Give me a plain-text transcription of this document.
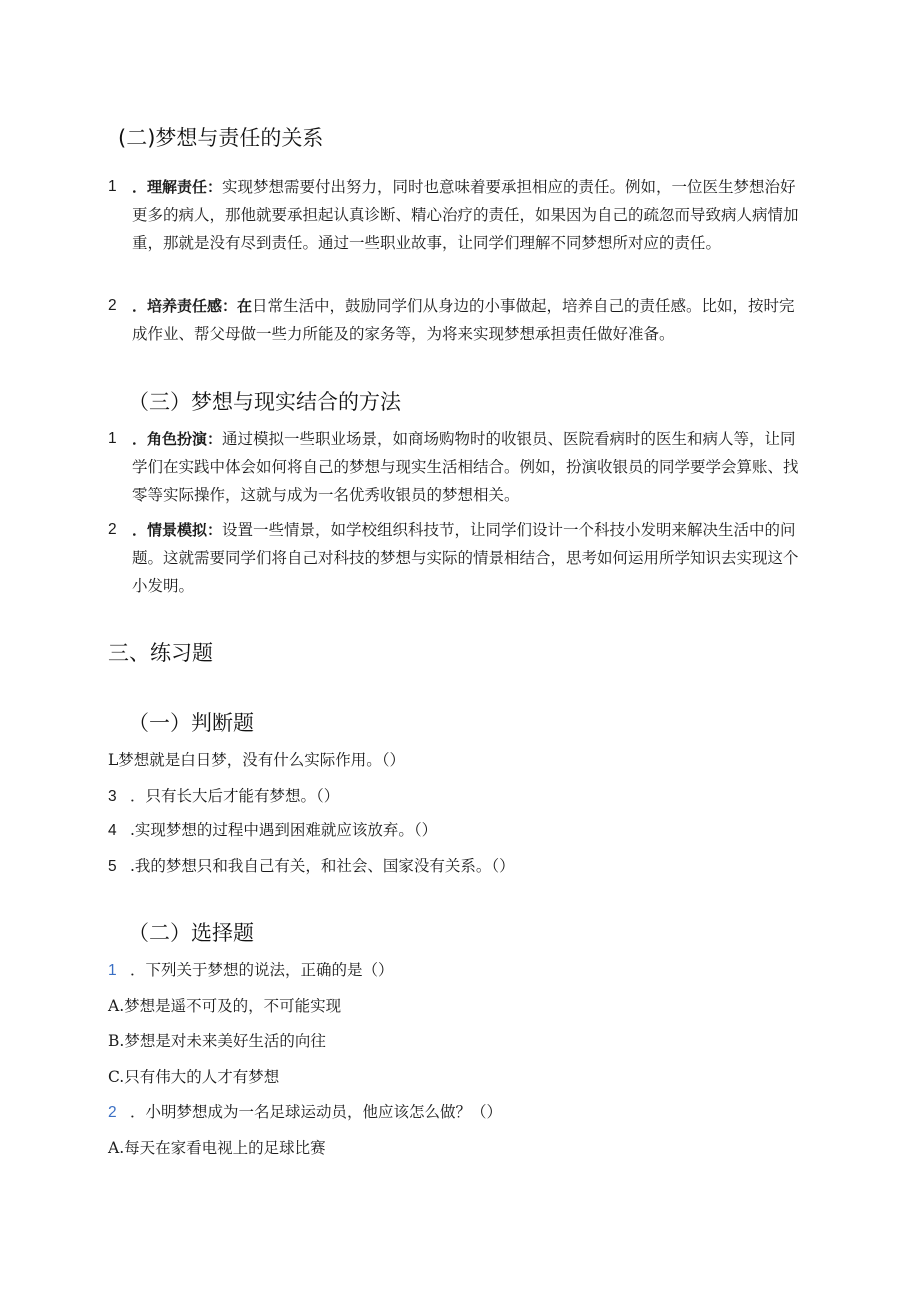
(二)梦想与责任的关系
1	．理解责任：实现梦想需要付出努力，同时也意味着要承担相应的责任。例如，一位医生梦想治好更多的病人，那他就要承担起认真诊断、精心治疗的责任，如果因为自己的疏忽而导致病人病情加重，那就是没有尽到责任。通过一些职业故事，让同学们理解不同梦想所对应的责任。
2	．培养责任感：在日常生活中，鼓励同学们从身边的小事做起，培养自己的责任感。比如，按时完成作业、帮父母做一些力所能及的家务等，为将来实现梦想承担责任做好准备。
（三）梦想与现实结合的方法
1	．角色扮演：通过模拟一些职业场景，如商场购物时的收银员、医院看病时的医生和病人等，让同学们在实践中体会如何将自己的梦想与现实生活相结合。例如，扮演收银员的同学要学会算账、找零等实际操作，这就与成为一名优秀收银员的梦想相关。
2	．情景模拟：设置一些情景，如学校组织科技节，让同学们设计一个科技小发明来解决生活中的问题。这就需要同学们将自己对科技的梦想与实际的情景相结合，思考如何运用所学知识去实现这个小发明。
三、练习题
（一）判断题
L梦想就是白日梦，没有什么实际作用。（）
3 ．只有长大后才能有梦想。（）
4 .实现梦想的过程中遇到困难就应该放弃。（）
5 .我的梦想只和我自己有关，和社会、国家没有关系。（）
（二）选择题
1 ．下列关于梦想的说法，正确的是（）
A.梦想是遥不可及的，不可能实现
B.梦想是对未来美好生活的向往
C.只有伟大的人才有梦想
2 ．小明梦想成为一名足球运动员，他应该怎么做？（）
A.每天在家看电视上的足球比赛
